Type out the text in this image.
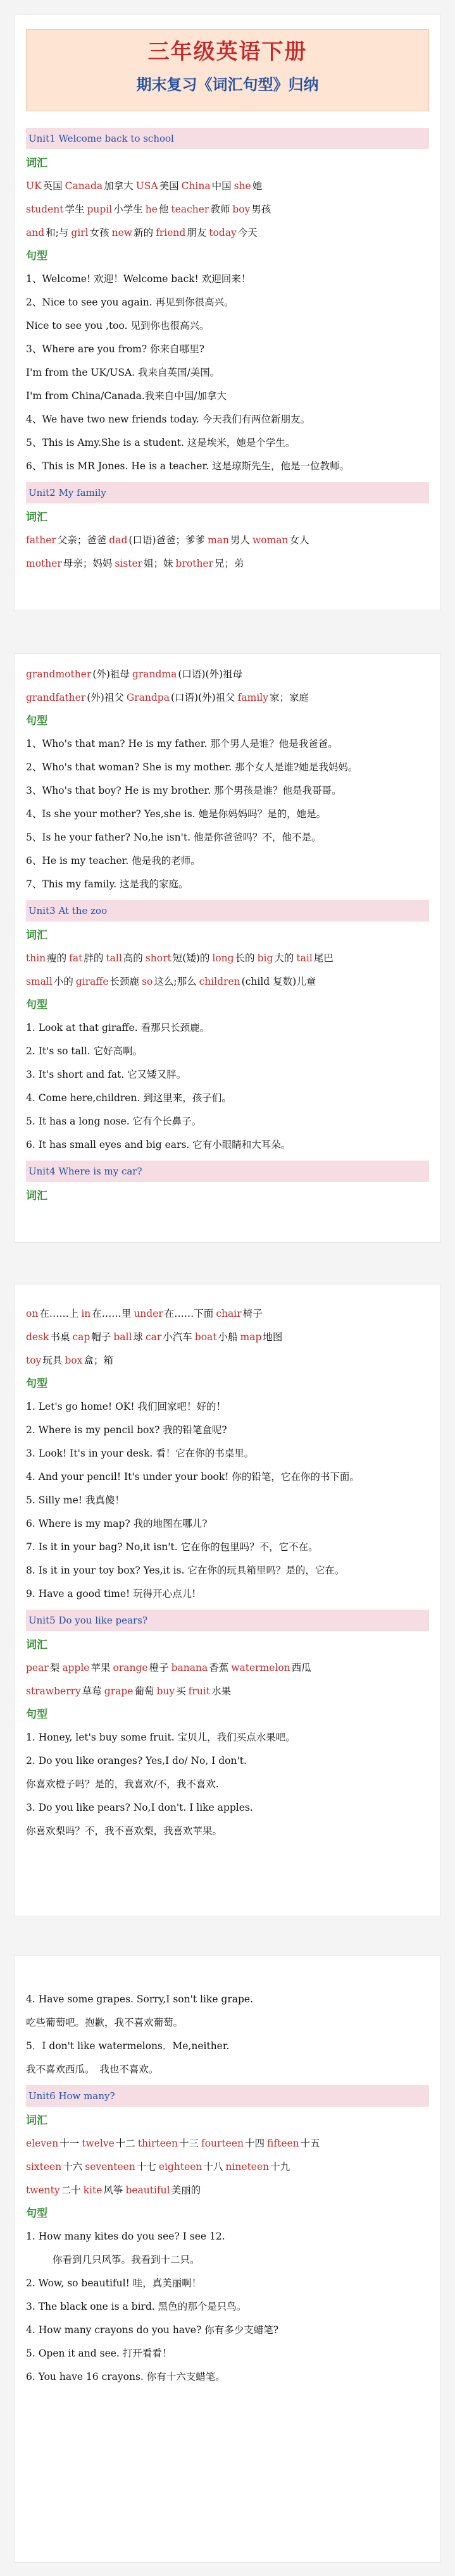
三年级英语下册
期末复习《词汇句型》归纳
Unit1 Welcome back to school
词汇
UK 英国 Canada 加拿大 USA 美国 China 中国 she 她
student 学生 pupil 小学生 he 他 teacher 教师 boy 男孩
and 和;与 girl 女孩 new 新的 friend 朋友 today 今天
句型
1、Welcome! 欢迎！Welcome back! 欢迎回来！
2、Nice to see you again. 再见到你很高兴。
Nice to see you ,too. 见到你也很高兴。
3、Where are you from? 你来自哪里?
I'm from the UK/USA. 我来自英国/美国。
I'm from China/Canada.我来自中国/加拿大
4、We have two new friends today. 今天我们有两位新朋友。
5、This is Amy.She is a student. 这是埃米，她是个学生。
6、This is MR Jones. He is a teacher. 这是琼斯先生，他是一位教师。
Unit2 My family
词汇
father 父亲；爸爸 dad (口语)爸爸；爹爹 man 男人 woman 女人
mother 母亲；妈妈 sister 姐；妹 brother 兄；弟
grandmother (外)祖母 grandma (口语)(外)祖母
grandfather (外)祖父 Grandpa (口语)(外)祖父 family 家；家庭
句型
1、Who's that man? He is my father. 那个男人是谁？他是我爸爸。
2、Who's that woman? She is my mother. 那个女人是谁?她是我妈妈。
3、Who's that boy? He is my brother. 那个男孩是谁？他是我哥哥。
4、Is she your mother? Yes,she is. 她是你妈妈吗？是的，她是。
5、Is he your father? No,he isn't. 他是你爸爸吗？不，他不是。
6、He is my teacher. 他是我的老师。
7、This my family. 这是我的家庭。
Unit3 At the zoo
词汇
thin 瘦的 fat 胖的 tall 高的 short 短(矮)的 long 长的 big 大的 tail 尾巴
small 小的 giraffe 长颈鹿 so 这么;那么 children (child 复数)儿童
句型
1. Look at that giraffe. 看那只长颈鹿。
2. It's so tall. 它好高啊。
3. It's short and fat. 它又矮又胖。
4. Come here,children. 到这里来，孩子们。
5. It has a long nose. 它有个长鼻子。
6. It has small eyes and big ears. 它有小眼睛和大耳朵。
Unit4 Where is my car?
词汇
on 在……上 in 在……里 under 在……下面 chair 椅子
desk 书桌 cap 帽子 ball 球 car 小汽车 boat 小船 map 地图
toy 玩具 box 盒；箱
句型
1. Let's go home! OK! 我们回家吧！好的！
2. Where is my pencil box? 我的铅笔盒呢?
3. Look! It's in your desk. 看！它在你的书桌里。
4. And your pencil! It's under your book! 你的铅笔，它在你的书下面。
5. Silly me! 我真傻！
6. Where is my map? 我的地图在哪儿?
7. Is it in your bag? No,it isn't. 它在你的包里吗？不，它不在。
8. Is it in your toy box? Yes,it is. 它在你的玩具箱里吗？是的，它在。
9. Have a good time! 玩得开心点儿!
Unit5 Do you like pears?
词汇
pear 梨 apple 苹果 orange 橙子 banana 香蕉 watermelon 西瓜
strawberry 草莓 grape 葡萄 buy 买 fruit 水果
句型
1. Honey, let's buy some fruit. 宝贝儿，我们买点水果吧。
2. Do you like oranges? Yes,I do/ No, I don't.
你喜欢橙子吗？是的，我喜欢/不，我不喜欢.
3. Do you like pears? No,I don't. I like apples.
你喜欢梨吗？不，我不喜欢梨，我喜欢苹果。
4. Have some grapes. Sorry,I son't like grape.
吃些葡萄吧。抱歉，我不喜欢葡萄。
5．I don't like watermelons．Me,neither.
我不喜欢西瓜。　我也不喜欢。
Unit6 How many?
词汇
eleven 十一 twelve 十二 thirteen 十三 fourteen 十四 fifteen 十五
sixteen 十六 seventeen 十七 eighteen 十八 nineteen 十九
twenty 二十 kite 风筝 beautiful 美丽的
句型
1. How many kites do you see? I see 12.
你看到几只风筝。我看到十二只。
2. Wow, so beautiful! 哇，真美丽啊！
3. The black one is a bird. 黑色的那个是只鸟。
4. How many crayons do you have? 你有多少支蜡笔?
5. Open it and see. 打开看看！
6. You have 16 crayons. 你有十六支蜡笔。
